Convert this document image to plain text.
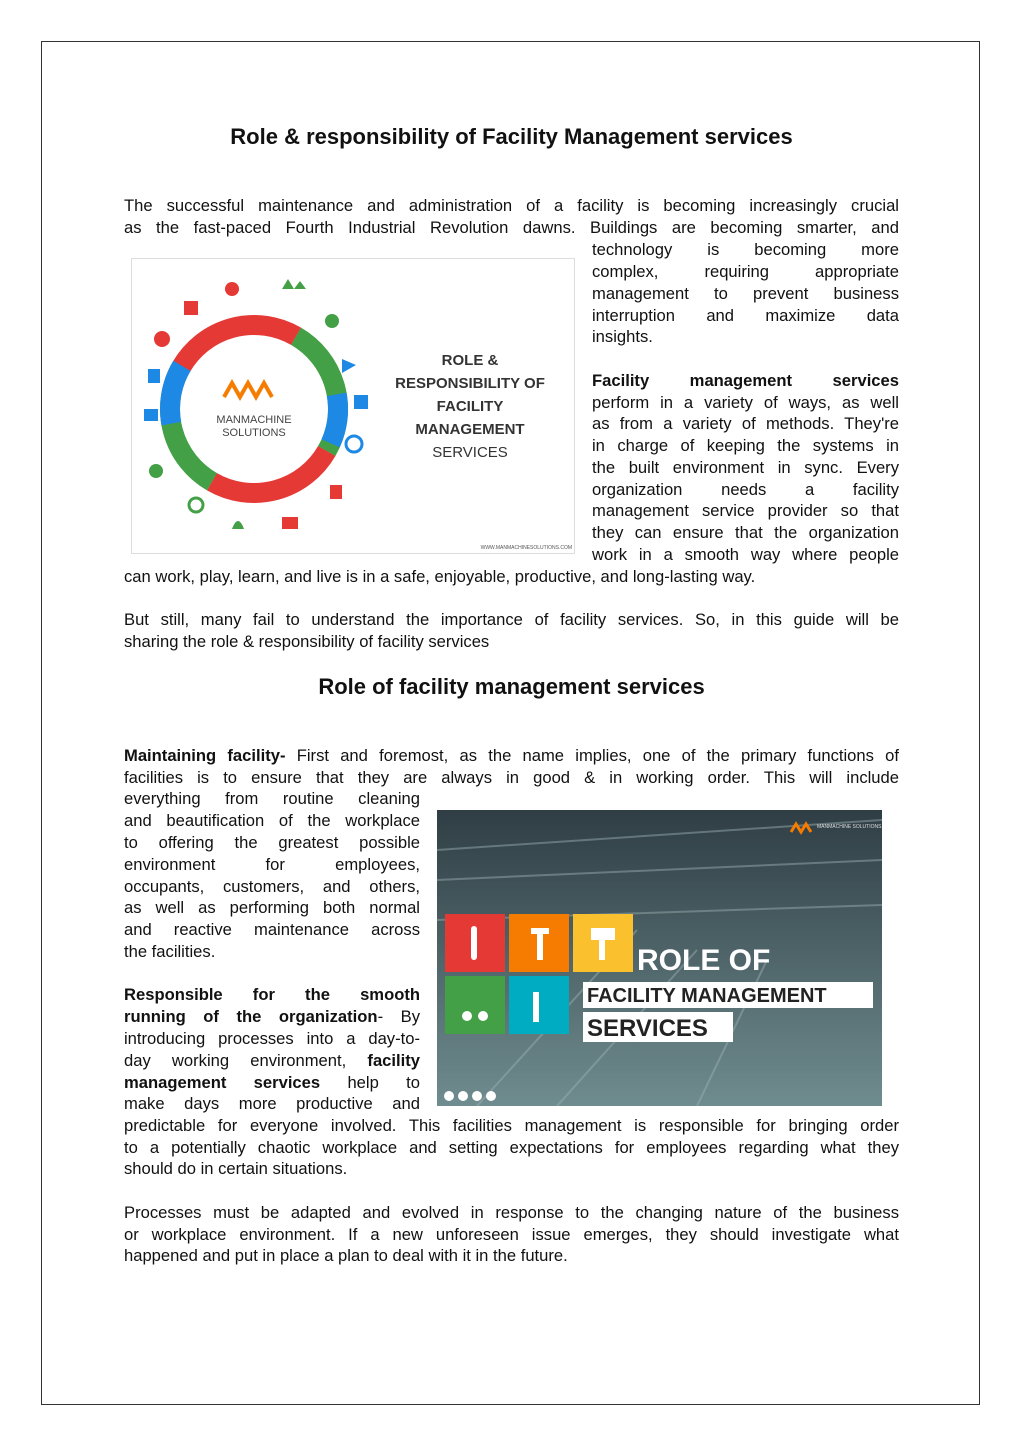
Role & responsibility of Facility Management services
The successful maintenance and administration of a facility is becoming increasingly crucial
as the fast-paced Fourth Industrial Revolution dawns. Buildings are becoming smarter, and
technology is becoming more
complex, requiring appropriate
management to prevent business
interruption and maximize data
insights.
Facility management services
perform in a variety of ways, as well
as from a variety of methods. They're
in charge of keeping the systems in
the built environment in sync. Every
organization needs a facility
management service provider so that
they can ensure that the organization
work in a smooth way where people
can work, play, learn, and live is in a safe, enjoyable, productive, and long-lasting way.
MANMACHINE
SOLUTIONS
ROLE &
RESPONSIBILITY OF
FACILITY
MANAGEMENT
SERVICES
WWW.MANMACHINESOLUTIONS.COM
But still, many fail to understand the importance of facility services. So, in this guide will be
sharing the role & responsibility of facility services
Role of facility management services
Maintaining facility- First and foremost, as the name implies, one of the primary functions of
facilities is to ensure that they are always in good & in working order. This will include
everything from routine cleaning
and beautification of the workplace
to offering the greatest possible
environment for employees,
occupants, customers, and others,
as well as performing both normal
and reactive maintenance across
the facilities.
Responsible for the smooth
running of the organization- By
introducing processes into a day-to-
day working environment, facility
management services help to
make days more productive and
predictable for everyone involved. This facilities management is responsible for bringing order
to a potentially chaotic workplace and setting expectations for employees regarding what they
should do in certain situations.
MANMACHINE SOLUTIONS
ROLE OF
FACILITY MANAGEMENT
SERVICES
Processes must be adapted and evolved in response to the changing nature of the business
or workplace environment. If a new unforeseen issue emerges, they should investigate what
happened and put in place a plan to deal with it in the future.
